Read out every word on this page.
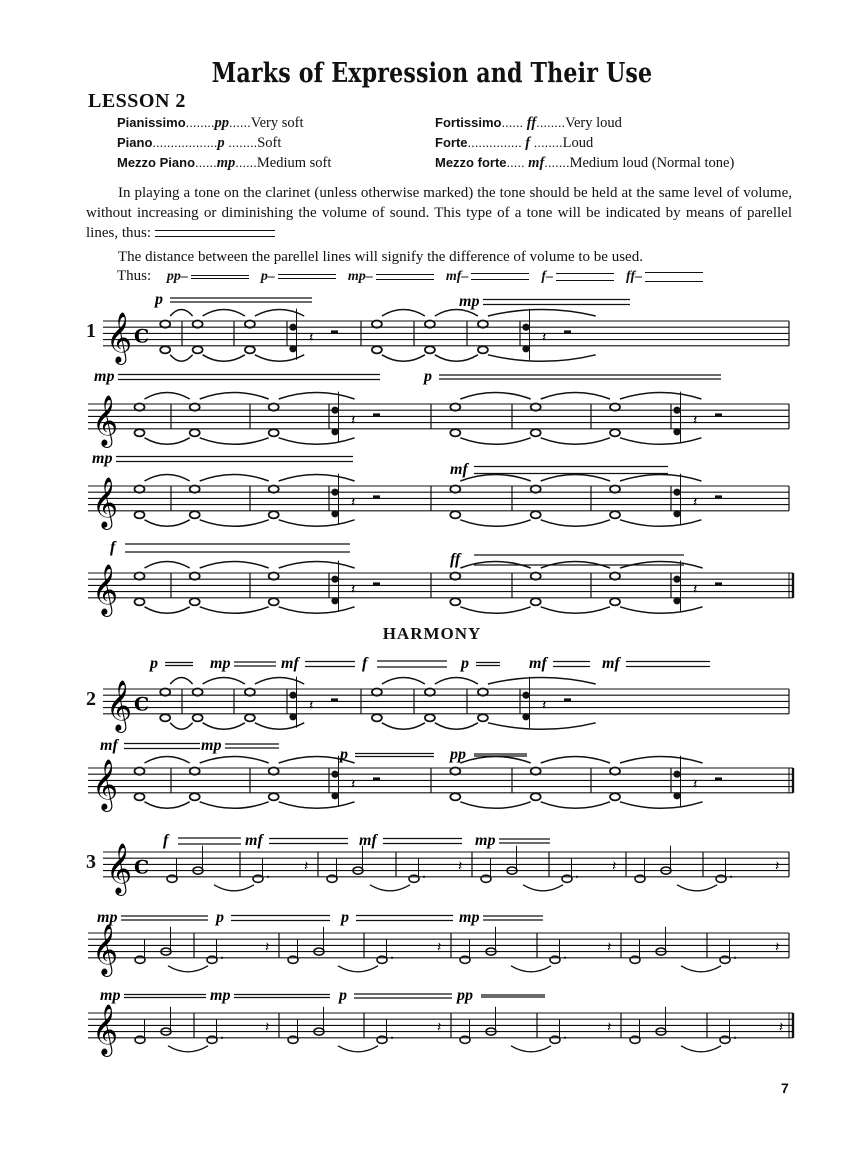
Marks of Expression and Their Use
LESSON 2
Pianissimo........pp......Very soft
Piano..................p ........Soft
Mezzo Piano......mp......Medium soft
Fortissimo...... ff........Very loud
Forte............... f ........Loud
Mezzo forte..... mf.......Medium loud (Normal tone)

In playing a tone on the clarinet (unless otherwise marked) the tone should be held at the same level of volume, without increasing or diminishing the volume of sound. This type of a tone will be indicated by means of parellel lines, thus:

The distance between the parellel lines will signify the difference of volume to be used.

Thus: pp–	p–	mp–	mf–	f–	ff–
HARMONY
1
2
3
𝄞 C	𝄽	𝄽
p	mp
𝄞	𝄽	𝄽
mp	p
𝄞	𝄽	𝄽
mp
mf
𝄞	𝄽	𝄽
f
ff
𝄞 C	𝄽	𝄽
p	mp	mf	f	p	mf	mf
𝄞	𝄽	𝄽
mf	mp
p	pp
𝄞 C	𝄽	𝄽	𝄽	𝄽
f	mf	mf	mp
𝄞	𝄽	𝄽	𝄽	𝄽
mp	p	p	mp
𝄞	𝄽	𝄽	𝄽	𝄽
mp	mp	p	pp
7
